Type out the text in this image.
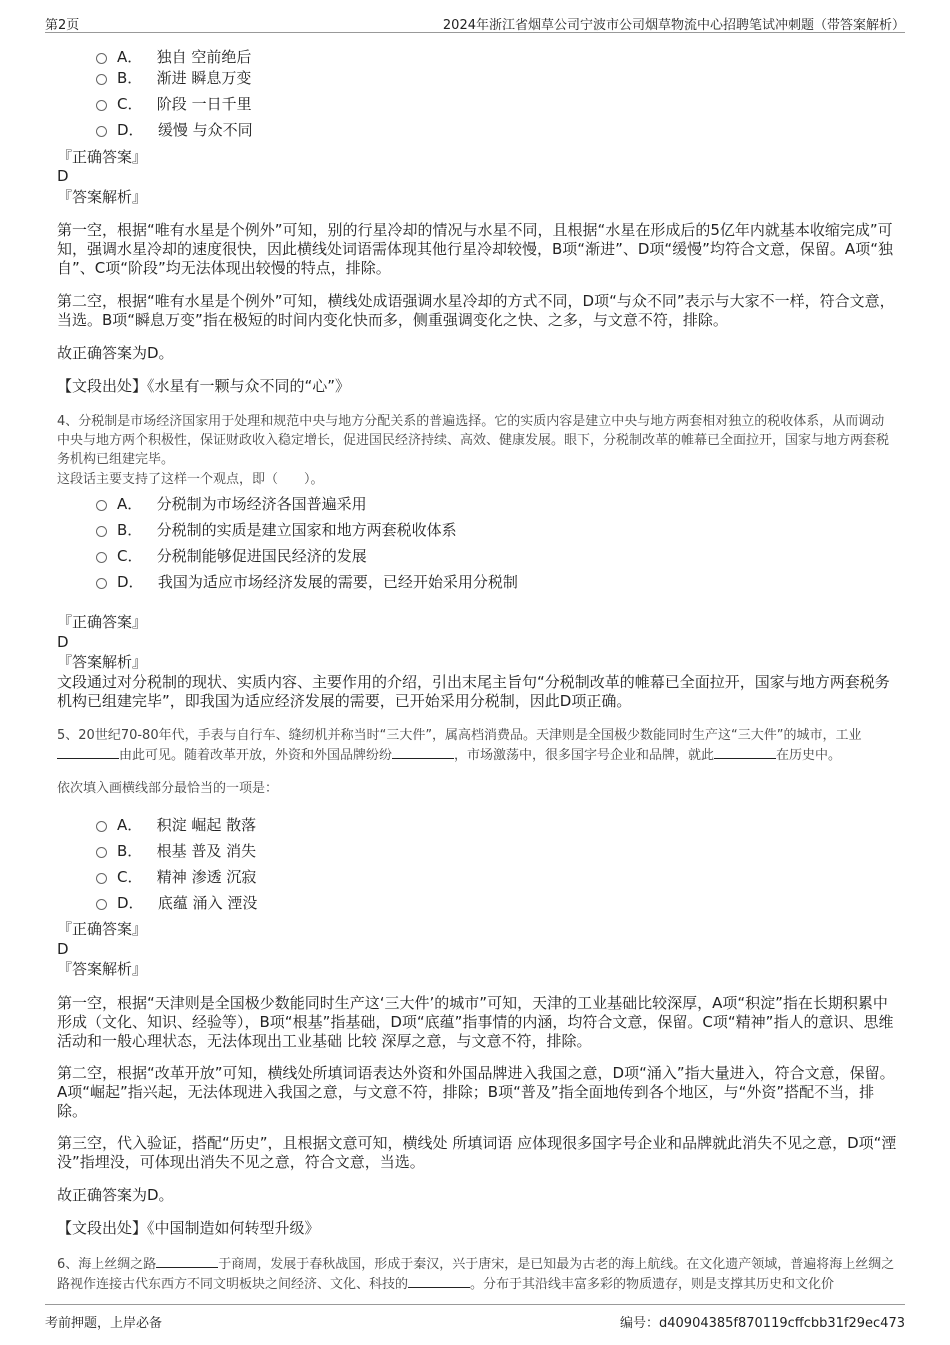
第2页	2024年浙江省烟草公司宁波市公司烟草物流中心招聘笔试冲刺题（带答案解析）
A． 独自 空前绝后
B． 渐进 瞬息万变
C． 阶段 一日千里
D． 缓慢 与众不同
『正确答案』
D
『答案解析』

第一空，根据“唯有水星是个例外”可知，别的行星冷却的情况与水星不同，且根据“水星在形成后的5亿年内就基本收缩完成”可知，强调水星冷却的速度很快，因此横线处词语需体现其他行星冷却较慢，B项“渐进”、D项“缓慢”均符合文意，保留。A项“独自”、C项“阶段”均无法体现出较慢的特点，排除。

第二空，根据“唯有水星是个例外”可知，横线处成语强调水星冷却的方式不同，D项“与众不同”表示与大家不一样，符合文意，当选。B项“瞬息万变”指在极短的时间内变化快而多，侧重强调变化之快、之多，与文意不符，排除。

故正确答案为D。
【文段出处】《水星有一颗与众不同的“心”》

4、分税制是市场经济国家用于处理和规范中央与地方分配关系的普遍选择。它的实质内容是建立中央与地方两套相对独立的税收体系，从而调动中央与地方两个积极性，保证财政收入稳定增长，促进国民经济持续、高效、健康发展。眼下，分税制改革的帷幕已全面拉开，国家与地方两套税务机构已组建完毕。

这段话主要支持了这样一个观点，即（　　）。
A． 分税制为市场经济各国普遍采用
B． 分税制的实质是建立国家和地方两套税收体系
C． 分税制能够促进国民经济的发展
D． 我国为适应市场经济发展的需要，已经开始采用分税制
『正确答案』
D
『答案解析』

文段通过对分税制的现状、实质内容、主要作用的介绍，引出末尾主旨句“分税制改革的帷幕已全面拉开，国家与地方两套税务机构已组建完毕”，即我国为适应经济发展的需要，已开始采用分税制，因此D项正确。

5、20世纪70-80年代，手表与自行车、缝纫机并称当时“三大件”，属高档消费品。天津则是全国极少数能同时生产这“三大件”的城市，工业由此可见。随着改革开放，外资和外国品牌纷纷	，市场激荡中，很多国字号企业和品牌，就此	在历史中。

依次填入画横线部分最恰当的一项是：
A． 积淀 崛起 散落
B． 根基 普及 消失
C． 精神 渗透 沉寂
D． 底蕴 涌入 湮没
『正确答案』
D
『答案解析』

第一空，根据“天津则是全国极少数能同时生产这‘三大件’的城市”可知，天津的工业基础比较深厚，A项“积淀”指在长期积累中形成（文化、知识、经验等），B项“根基”指基础，D项“底蕴”指事情的内涵，均符合文意，保留。C项“精神”指人的意识、思维活动和一般心理状态，无法体现出工业基础 比较 深厚之意，与文意不符，排除。

第二空，根据“改革开放”可知，横线处所填词语表达外资和外国品牌进入我国之意，D项“涌入”指大量进入，符合文意，保留。A项“崛起”指兴起，无法体现进入我国之意，与文意不符，排除；B项“普及”指全面地传到各个地区，与“外资”搭配不当，排除。

第三空，代入验证，搭配“历史”，且根据文意可知，横线处 所填词语 应体现很多国字号企业和品牌就此消失不见之意，D项“湮没”指埋没，可体现出消失不见之意，符合文意，当选。

故正确答案为D。
【文段出处】《中国制造如何转型升级》

6、海上丝绸之路	于商周，发展于春秋战国，形成于秦汉，兴于唐宋，是已知最为古老的海上航线。在文化遗产领域，普遍将海上丝绸之路视作连接古代东西方不同文明板块之间经济、文化、科技的	。分布于其沿线丰富多彩的物质遗存，则是支撑其历史和文化价

考前押题，上岸必备	编号：d40904385f870119cffcbb31f29ec473
